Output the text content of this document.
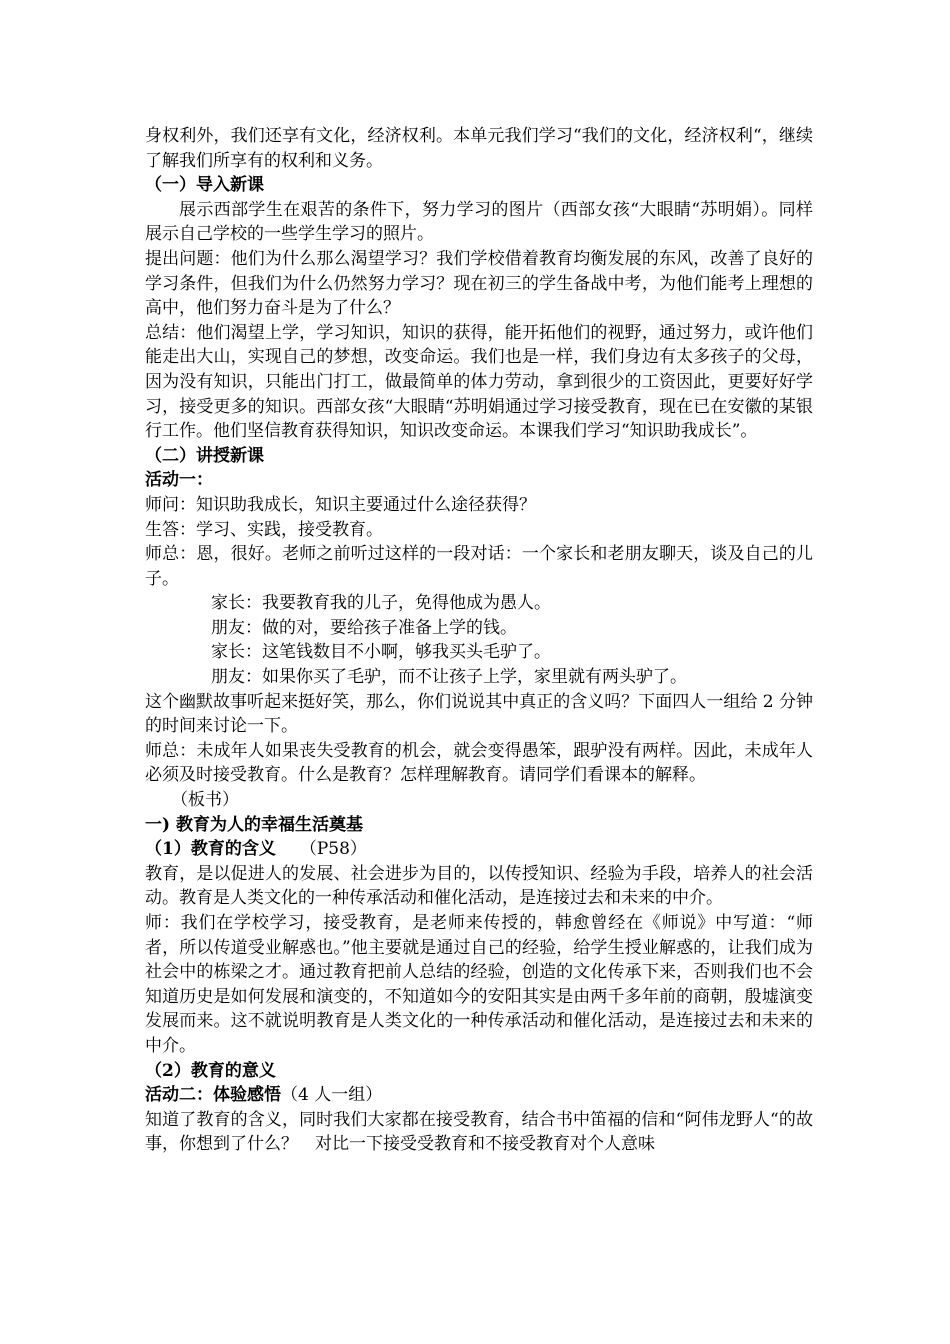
身权利外，我们还享有文化，经济权利。本单元我们学习“我们的文化，经济权利“，继续了解我们所享有的权利和义务。

（一）导入新课

展示西部学生在艰苦的条件下，努力学习的图片（西部女孩“大眼睛“苏明娟）。同样展示自己学校的一些学生学习的照片。

提出问题：他们为什么那么渴望学习？我们学校借着教育均衡发展的东风，改善了良好的学习条件，但我们为什么仍然努力学习？现在初三的学生备战中考，为他们能考上理想的高中，他们努力奋斗是为了什么？

总结：他们渴望上学，学习知识，知识的获得，能开拓他们的视野，通过努力，或许他们能走出大山，实现自己的梦想，改变命运。我们也是一样，我们身边有太多孩子的父母，因为没有知识，只能出门打工，做最简单的体力劳动，拿到很少的工资因此，更要好好学习，接受更多的知识。西部女孩“大眼睛“苏明娟通过学习接受教育，现在已在安徽的某银行工作。他们坚信教育获得知识，知识改变命运。本课我们学习“知识助我成长”。

（二）讲授新课

活动一：

师问：知识助我成长，知识主要通过什么途径获得？

生答：学习、实践，接受教育。

师总：恩，很好。老师之前听过这样的一段对话：一个家长和老朋友聊天，谈及自己的儿子。

家长：我要教育我的儿子，免得他成为愚人。

朋友：做的对，要给孩子准备上学的钱。

家长：这笔钱数目不小啊，够我买头毛驴了。

朋友：如果你买了毛驴，而不让孩子上学，家里就有两头驴了。

这个幽默故事听起来挺好笑，那么，你们说说其中真正的含义吗？下面四人一组给 2 分钟的时间来讨论一下。

师总：未成年人如果丧失受教育的机会，就会变得愚笨，跟驴没有两样。因此，未成年人必须及时接受教育。什么是教育？怎样理解教育。请同学们看课本的解释。

（板书）

一) 教育为人的幸福生活奠基

（1）教育的含义 （P58）

教育，是以促进人的发展、社会进步为目的，以传授知识、经验为手段，培养人的社会活动。教育是人类文化的一种传承活动和催化活动，是连接过去和未来的中介。

师：我们在学校学习，接受教育，是老师来传授的，韩愈曾经在《师说》中写道：“师者，所以传道受业解惑也。”他主要就是通过自己的经验，给学生授业解惑的，让我们成为社会中的栋梁之才。通过教育把前人总结的经验，创造的文化传承下来，否则我们也不会知道历史是如何发展和演变的，不知道如今的安阳其实是由两千多年前的商朝，殷墟演变发展而来。这不就说明教育是人类文化的一种传承活动和催化活动，是连接过去和未来的中介。

（2）教育的意义

活动二：体验感悟（4 人一组）

知道了教育的含义，同时我们大家都在接受教育，结合书中笛福的信和“阿伟龙野人“的故事，你想到了什么？　对比一下接受受教育和不接受教育对个人意味
